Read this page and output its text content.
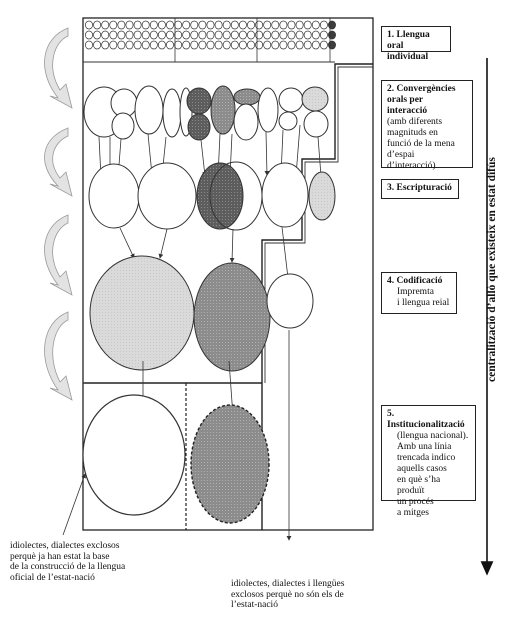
1. Llengua oral
individual
2. Convergències
orals per
interacció
(amb diferents
magnituds en
funció de la mena
d’espai
d’interacció)
3. Escripturació
4. Codificació
Impremta
i llengua reial
5. Institucionalització
(llengua nacional).
Amb una línia
trencada indico
aquells casos
en què s’ha produït
un procés
a mitges
centralització d’allò que existeix en estat difús
idiolectes, dialectes exclosos
perquè ja han estat la base
de la construcció de la llengua
oficial de l’estat-nació
idiolectes, dialectes i llengües
exclosos perquè no són els de
l’estat-nació
